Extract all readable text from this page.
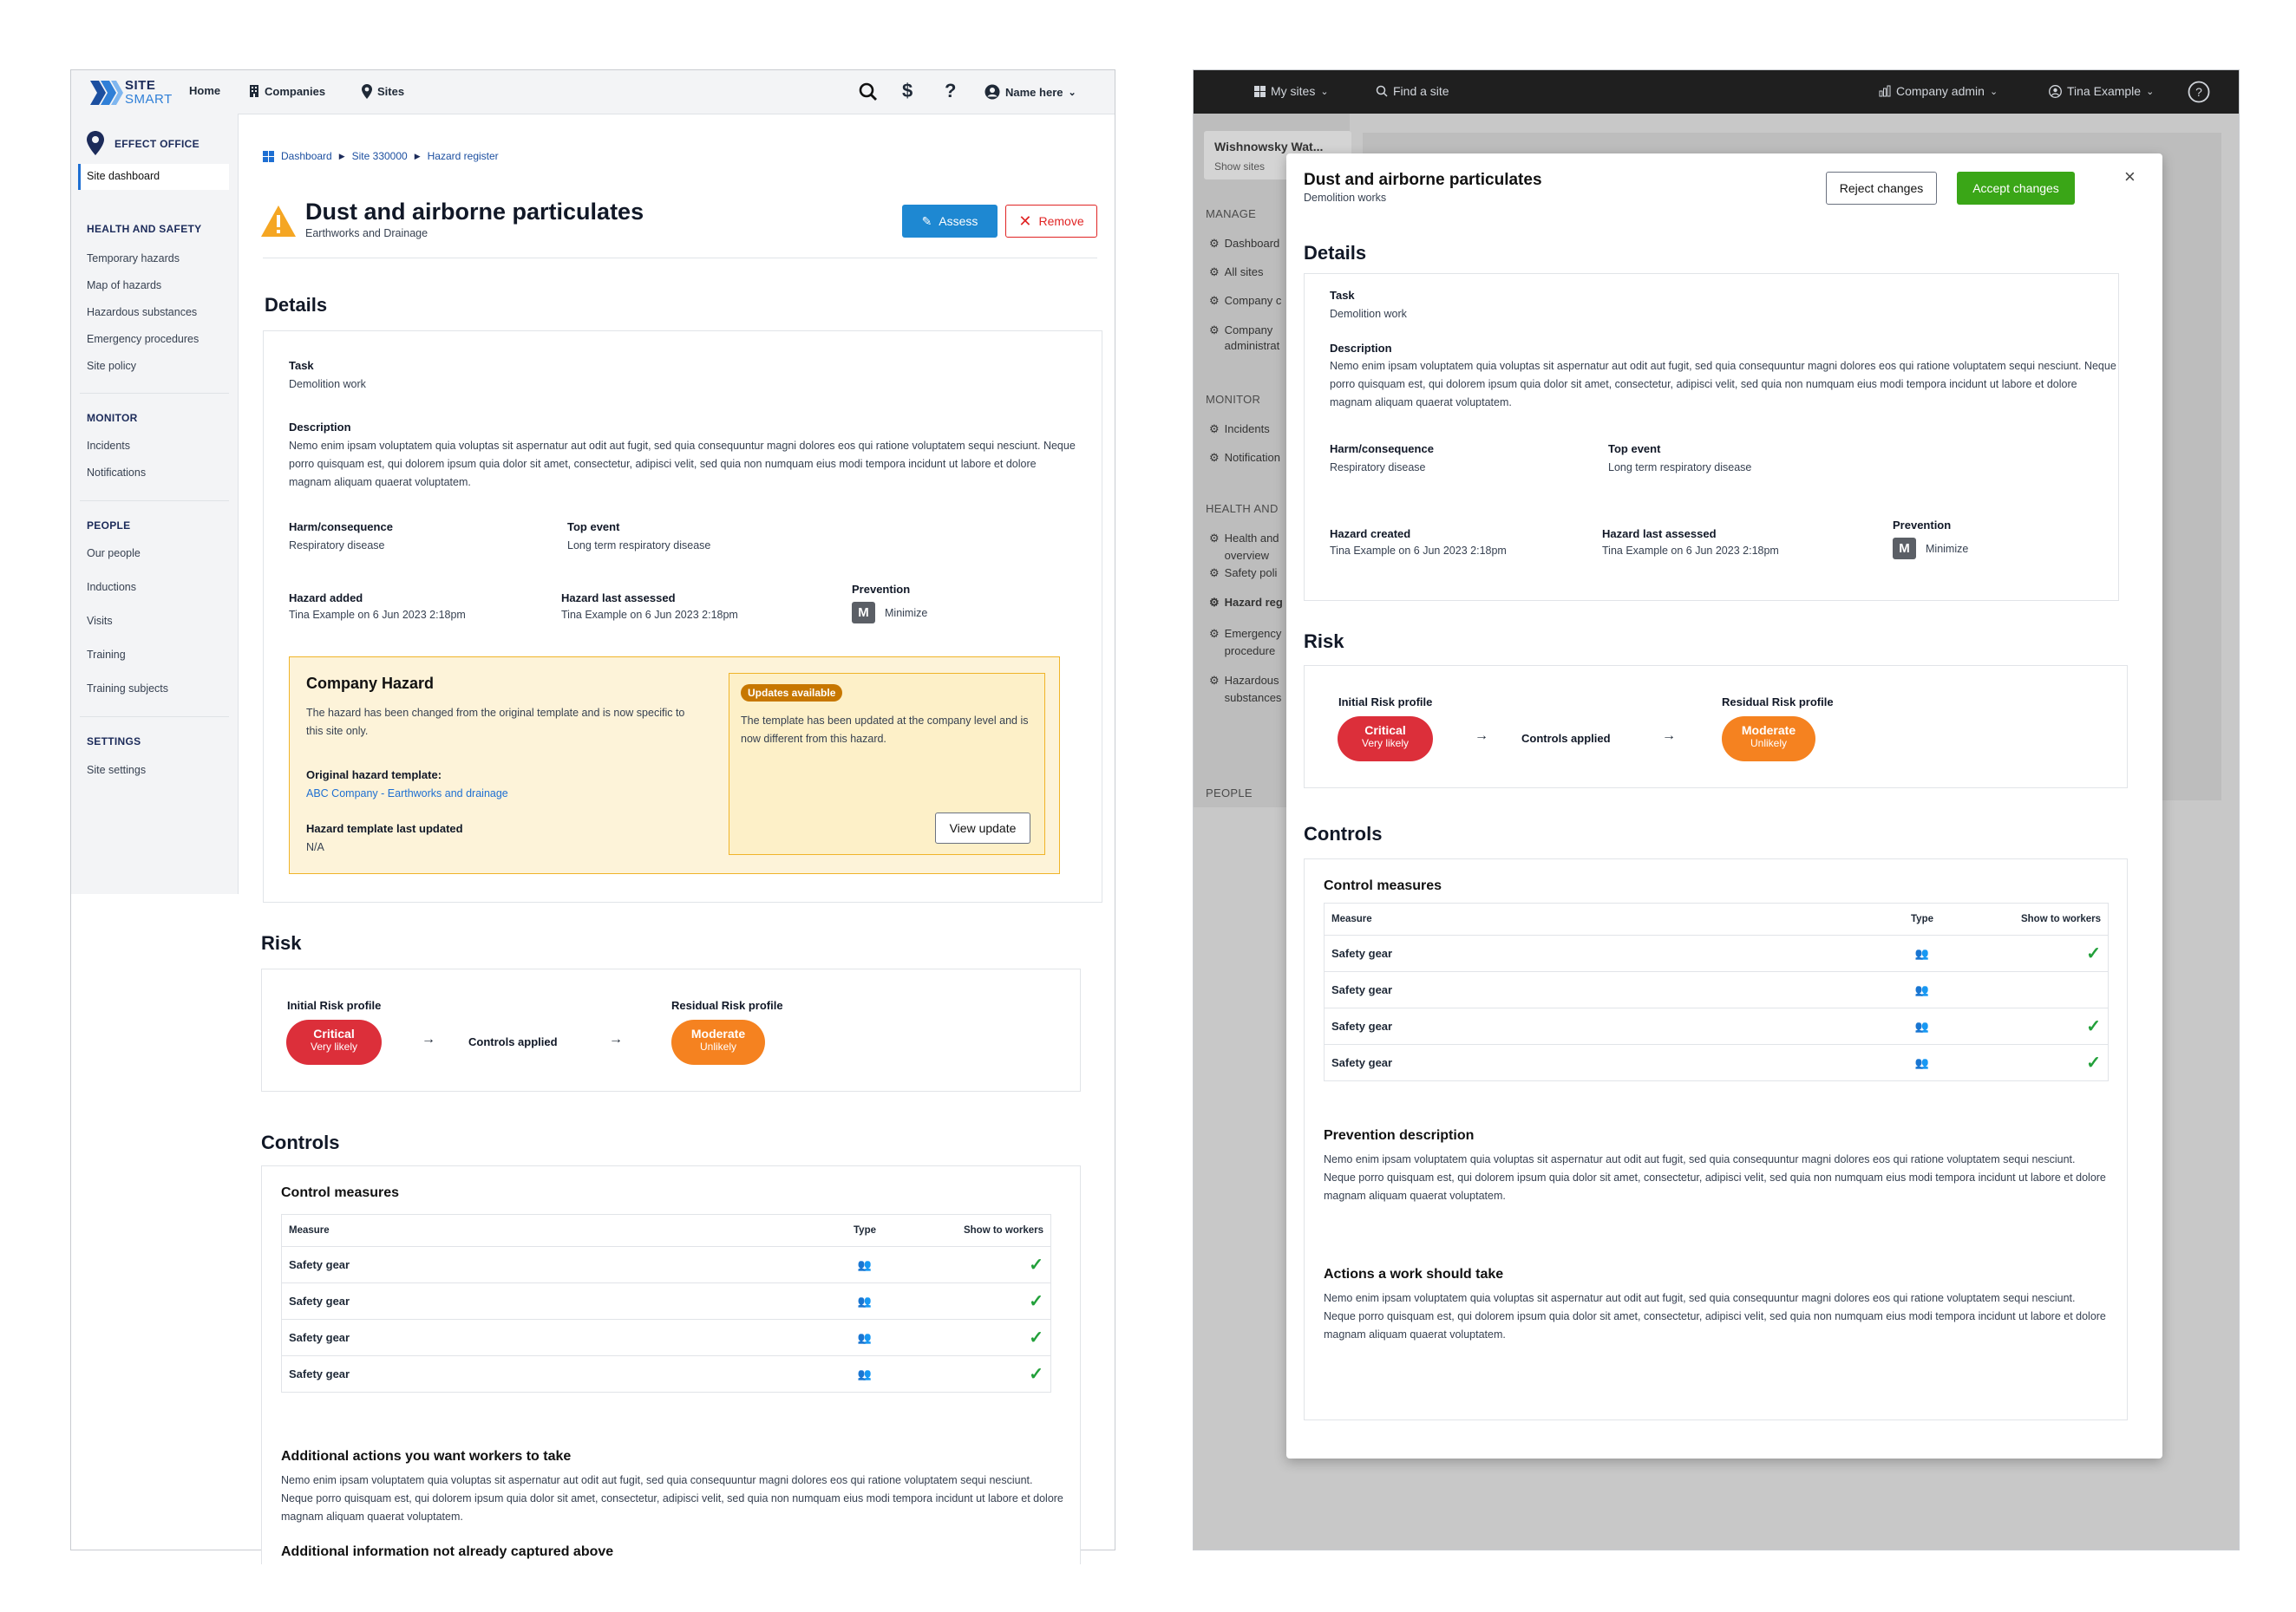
SITE
SMART
Home	Companies	Sites	$ ?	Name here ⌄
EFFECT OFFICE
Site dashboard
HEALTH AND SAFETY
Temporary hazards
Map of hazards
Hazardous substances
Emergency procedures
Site policy
MONITOR
Incidents
Notifications
PEOPLE
Our people
Inductions
Visits
Training
Training subjects
SETTINGS
Site settings
Dashboard ▶ Site 330000 ▶ Hazard register
Dust and airborne particulates
Earthworks and Drainage
✎ Assess	✕ Remove
Details
Task
Demolition work
Description
Nemo enim ipsam voluptatem quia voluptas sit aspernatur aut odit aut fugit, sed quia consequuntur magni dolores eos qui ratione voluptatem sequi nesciunt. Neque porro quisquam est, qui dolorem ipsum quia dolor sit amet, consectetur, adipisci velit, sed quia non numquam eius modi tempora incidunt ut labore et dolore magnam aliquam quaerat voluptatem.
Harm/consequence
Respiratory disease
Top event
Long term respiratory disease
Hazard added
Tina Example on 6 Jun 2023 2:18pm
Hazard last assessed
Tina Example on 6 Jun 2023 2:18pm
Prevention
M	Minimize
Company Hazard
The hazard has been changed from the original template and is now specific to this site only.
Original hazard template:
ABC Company - Earthworks and drainage
Hazard template last updated
N/A
Updates available
The template has been updated at the company level and is now different from this hazard.
View update
Risk
Initial Risk profile
Critical
Very likely	→	Controls applied	→
Residual Risk profile
Moderate
Unlikely
Controls
Control measures
Measure	Type	Show to workers
Safety gear	👥	✓
Safety gear	👥	✓
Safety gear	👥	✓
Safety gear	👥	✓
Additional actions you want workers to take
Nemo enim ipsam voluptatem quia voluptas sit aspernatur aut odit aut fugit, sed quia consequuntur magni dolores eos qui ratione voluptatem sequi nesciunt. Neque porro quisquam est, qui dolorem ipsum quia dolor sit amet, consectetur, adipisci velit, sed quia non numquam eius modi tempora incidunt ut labore et dolore magnam aliquam quaerat voluptatem.
Additional information not already captured above
My sites ⌄	Find a site	Company admin ⌄	Tina Example ⌄	?
Wishnowsky Wat...
Show sites
MANAGE
⚙ Dashboard
⚙ All sites
⚙ Company c
⚙ Company administrat
MONITOR
⚙ Incidents
⚙ Notification
HEALTH AND
⚙ Health and overview
⚙ Safety poli
⚙ Hazard reg
⚙ Emergency procedure
⚙ Hazardous substances
PEOPLE
Dust and airborne particulates
Demolition works
Reject changes	Accept changes
×
Details
Task
Demolition work
Description
Nemo enim ipsam voluptatem quia voluptas sit aspernatur aut odit aut fugit, sed quia consequuntur magni dolores eos qui ratione voluptatem sequi nesciunt. Neque porro quisquam est, qui dolorem ipsum quia dolor sit amet, consectetur, adipisci velit, sed quia non numquam eius modi tempora incidunt ut labore et dolore magnam aliquam quaerat voluptatem.
Harm/consequence
Respiratory disease
Top event
Long term respiratory disease
Hazard created
Tina Example on 6 Jun 2023 2:18pm
Hazard last assessed
Tina Example on 6 Jun 2023 2:18pm
Prevention
M	Minimize
Risk
Initial Risk profile
Critical
Very likely	→	Controls applied	→
Residual Risk profile
Moderate
Unlikely
Controls
Control measures
Measure	Type	Show to workers
Safety gear	👥	✓
Safety gear	👥	
Safety gear	👥	✓
Safety gear	👥	✓
Prevention description
Nemo enim ipsam voluptatem quia voluptas sit aspernatur aut odit aut fugit, sed quia consequuntur magni dolores eos qui ratione voluptatem sequi nesciunt. Neque porro quisquam est, qui dolorem ipsum quia dolor sit amet, consectetur, adipisci velit, sed quia non numquam eius modi tempora incidunt ut labore et dolore magnam aliquam quaerat voluptatem.
Actions a work should take
Nemo enim ipsam voluptatem quia voluptas sit aspernatur aut odit aut fugit, sed quia consequuntur magni dolores eos qui ratione voluptatem sequi nesciunt. Neque porro quisquam est, qui dolorem ipsum quia dolor sit amet, consectetur, adipisci velit, sed quia non numquam eius modi tempora incidunt ut labore et dolore magnam aliquam quaerat voluptatem.
